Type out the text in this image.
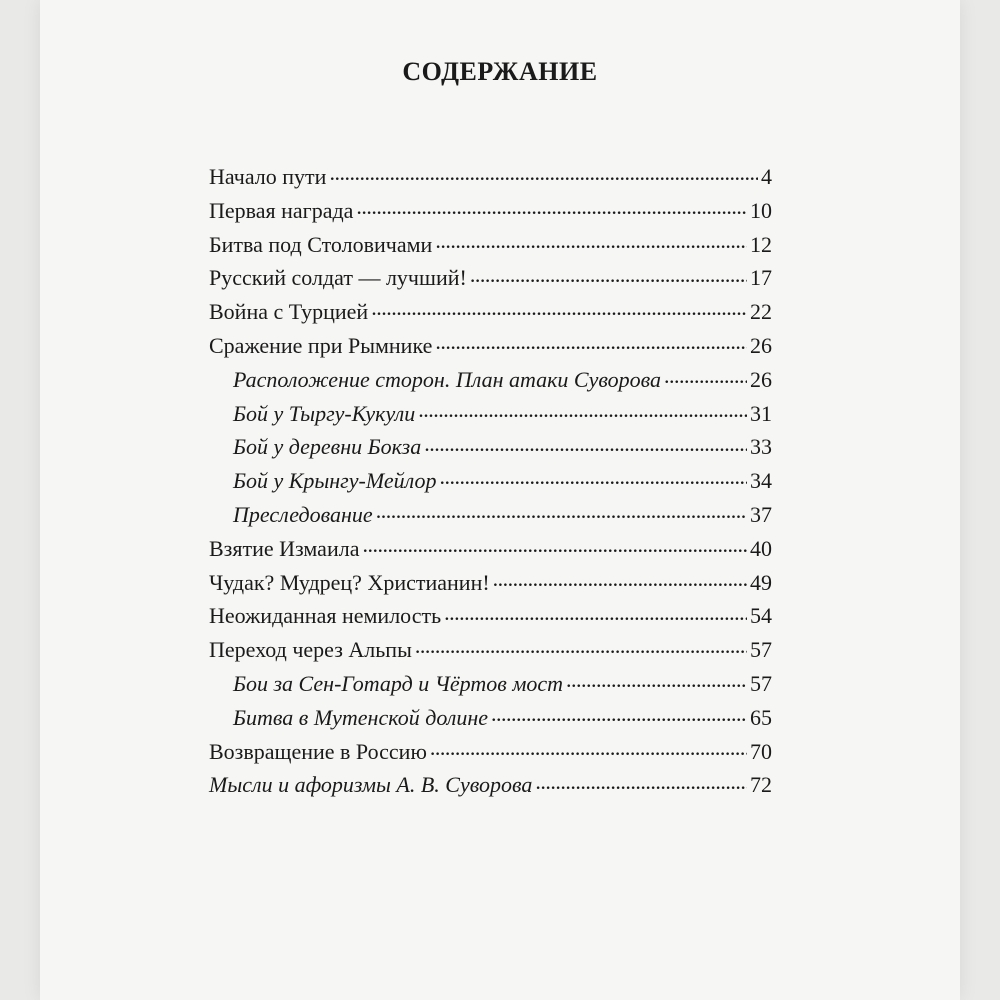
СОДЕРЖАНИЕ
Начало пути . . .	4
Первая награда . . .	10
Битва под Столовичами . . .	12
Русский солдат — лучший! . . .	17
Война с Турцией . . .	22
Сражение при Рымнике . . .	26
Расположение сторон. План атаки Суворова . . .	26
Бой у Тыргу-Кукули . . .	31
Бой у деревни Бокза . . .	33
Бой у Крынгу-Мейлор . . .	34
Преследование . . .	37
Взятие Измаила . . .	40
Чудак? Мудрец? Христианин! . . .	49
Неожиданная немилость . . .	54
Переход через Альпы . . .	57
Бои за Сен-Готард и Чёртов мост . . .	57
Битва в Мутенской долине . . .	65
Возвращение в Россию . . .	70
Мысли и афоризмы А. В. Суворова . . .	72
